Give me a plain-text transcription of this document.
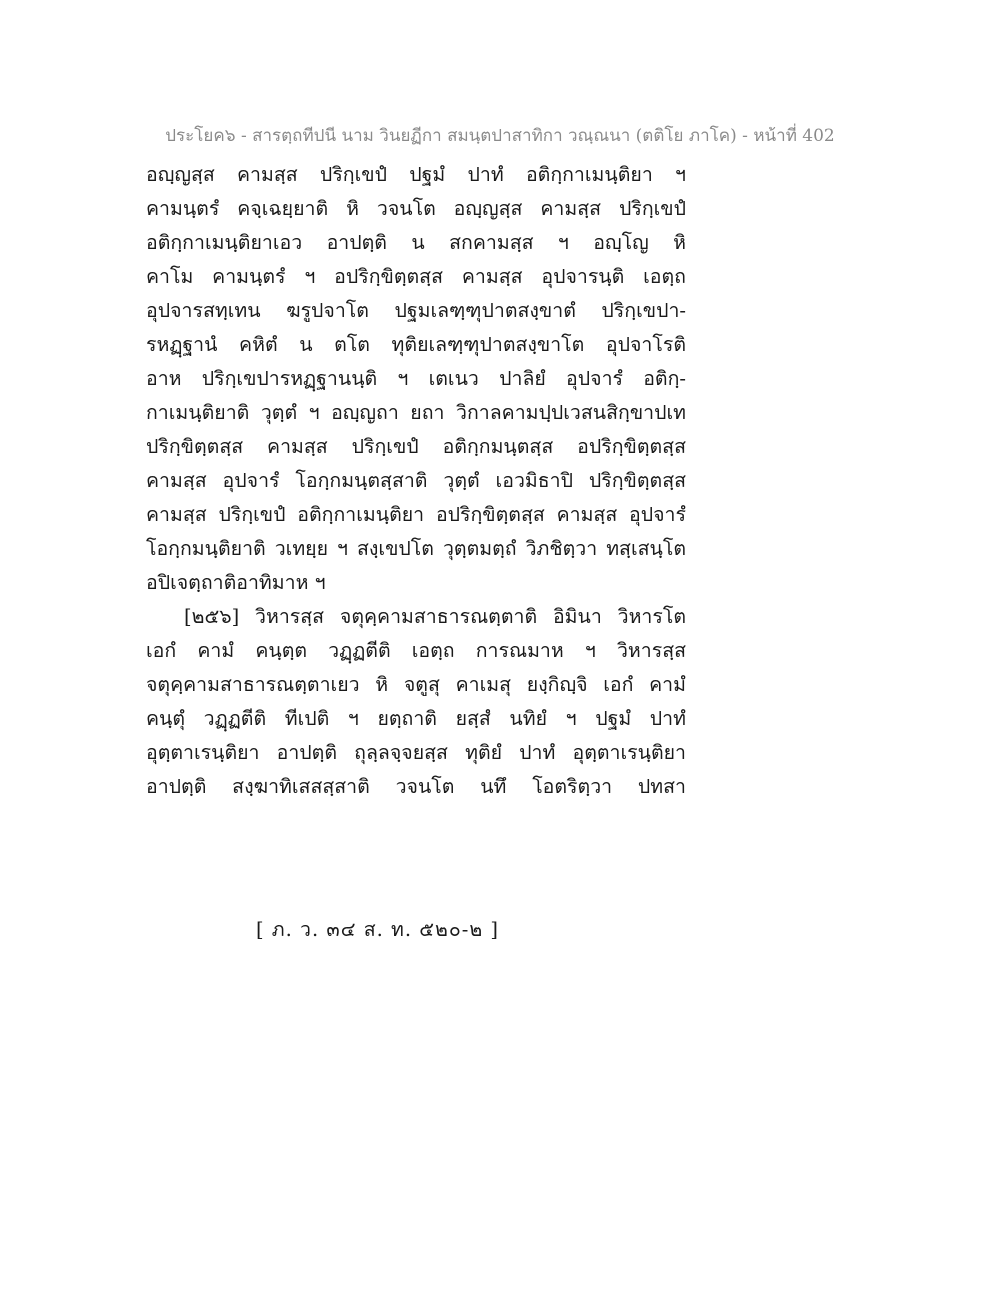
ประโยค๖ - สารตฺถทีปนี นาม วินยฏีกา สมนฺตปาสาทิกา วณฺณนา (ตติโย ภาโค) - หน้าที่ 402
อญฺญสฺส คามสฺส ปริกฺเขปํ ปฐมํ ปาทํ อติกฺกาเมนฺติยา ฯ
คามนฺตรํ คจฺเฉยฺยาติ หิ วจนโต อญฺญสฺส คามสฺส ปริกฺเขปํ
อติกฺกาเมนฺติยาเอว อาปตฺติ น สกคามสฺส ฯ อญฺโญ หิ
คาโม คามนฺตรํ ฯ อปริกฺขิตฺตสฺส คามสฺส อุปจารนฺติ เอตฺถ
อุปจารสทฺเทน ฆรูปจาโต ปฐมเลฑฺฑุปาตสงฺขาตํ ปริกฺเขปา-
รหฏฺฐานํ คหิตํ น ตโต ทุติยเลฑฺฑุปาตสงฺขาโต อุปจาโรติ
อาห ปริกฺเขปารหฏฺฐานนฺติ ฯ เตเนว ปาลิยํ อุปจารํ อติกฺ-
กาเมนฺติยาติ วุตฺตํ ฯ อญฺญถา ยถา วิกาลคามปฺปเวสนสิกฺขาปเท
ปริกฺขิตฺตสฺส คามสฺส ปริกฺเขปํ อติกฺกมนฺตสฺส อปริกฺขิตฺตสฺส
คามสฺส อุปจารํ โอกฺกมนฺตสฺสาติ วุตฺตํ เอวมิธาปิ ปริกฺขิตฺตสฺส
คามสฺส ปริกฺเขปํ อติกฺกาเมนฺติยา อปริกฺขิตฺตสฺส คามสฺส อุปจารํ
โอกฺกมนฺติยาติ วเทยฺย ฯ สงฺเขปโต วุตฺตมตฺถํ วิภชิตฺวา ทสฺเสนฺโต
อปิเจตฺถาติอาทิมาห ฯ
[๒๕๖] วิหารสฺส จตุคฺคามสาธารณตฺตาติ อิมินา วิหารโต
เอกํ คามํ คนฺตฺต วฏฺฏตีติ เอตฺถ การณมาห ฯ วิหารสฺส
จตุคฺคามสาธารณตฺตาเยว หิ จตูสุ คาเมสุ ยงฺกิญฺจิ เอกํ คามํ
คนฺตุํ วฏฺฏตีติ ทีเปติ ฯ ยตฺถาติ ยสฺสํ นทิยํ ฯ ปฐมํ ปาทํ
อุตฺตาเรนฺติยา อาปตฺติ ถุลฺลจฺจยสฺส ทุติยํ ปาทํ อุตฺตาเรนฺติยา
อาปตฺติ สงฺฆาทิเสสสฺสาติ วจนโต นทึ โอตริตฺวา ปทสา
[ ภ. ว. ๓๔ ส. ท. ๕๒๐-๒ ]
